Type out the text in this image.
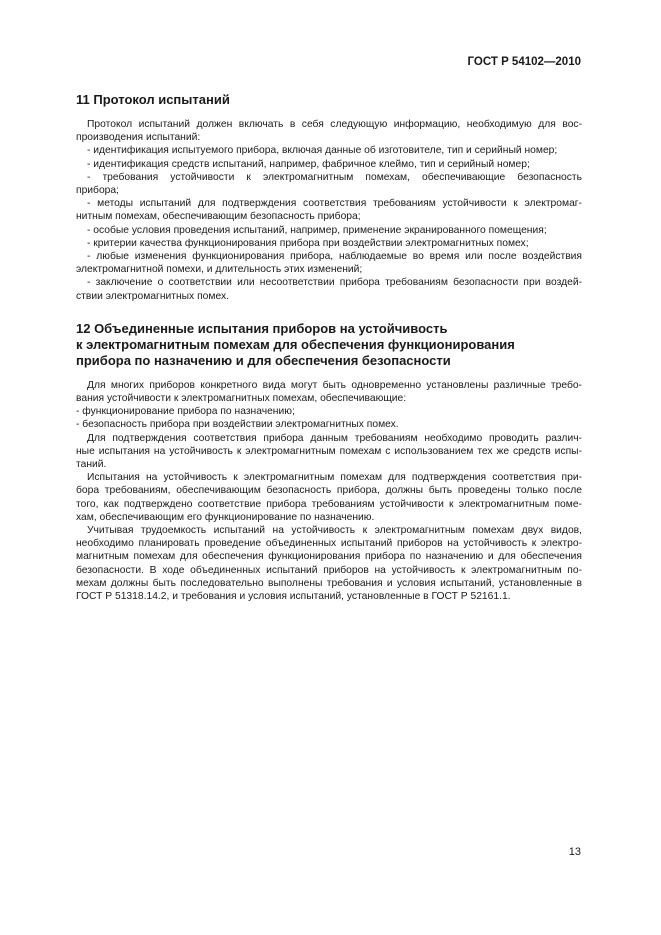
ГОСТ Р 54102—2010
11 Протокол испытаний
Протокол испытаний должен включать в себя следующую информацию, необходимую для вос-
производения испытаний:
- идентификация испытуемого прибора, включая данные об изготовителе, тип и серийный номер;
- идентификация средств испытаний, например, фабричное клеймо, тип и серийный номер;
- требования устойчивости к электромагнитным помехам, обеспечивающие безопасность
прибора;
- методы испытаний для подтверждения соответствия требованиям устойчивости к электромаг-
нитным помехам, обеспечивающим безопасность прибора;
- особые условия проведения испытаний, например, применение экранированного помещения;
- критерии качества функционирования прибора при воздействии электромагнитных помех;
- любые изменения функционирования прибора, наблюдаемые во время или после воздействия
электромагнитной помехи, и длительность этих изменений;
- заключение о соответствии или несоответствии прибора требованиям безопасности при воздей-
ствии электромагнитных помех.
12 Объединенные испытания приборов на устойчивость
к электромагнитным помехам для обеспечения функционирования
прибора по назначению и для обеспечения безопасности
Для многих приборов конкретного вида могут быть одновременно установлены различные требо-
вания устойчивости к электромагнитных помехам, обеспечивающие:
- функционирование прибора по назначению;
- безопасность прибора при воздействии электромагнитных помех.
Для подтверждения соответствия прибора данным требованиям необходимо проводить различ-
ные испытания на устойчивость к электромагнитным помехам с использованием тех же средств испы-
таний.
Испытания на устойчивость к электромагнитным помехам для подтверждения соответствия при-
бора требованиям, обеспечивающим безопасность прибора, должны быть проведены только после
того, как подтверждено соответствие прибора требованиям устойчивости к электромагнитным поме-
хам, обеспечивающим его функционирование по назначению.
Учитывая трудоемкость испытаний на устойчивость к электромагнитным помехам двух видов,
необходимо планировать проведение объединенных испытаний приборов на устойчивость к электро-
магнитным помехам для обеспечения функционирования прибора по назначению и для обеспечения
безопасности. В ходе объединенных испытаний приборов на устойчивость к электромагнитным по-
мехам должны быть последовательно выполнены требования и условия испытаний, установленные в
ГОСТ Р 51318.14.2, и требования и условия испытаний, установленные в ГОСТ Р 52161.1.
13
